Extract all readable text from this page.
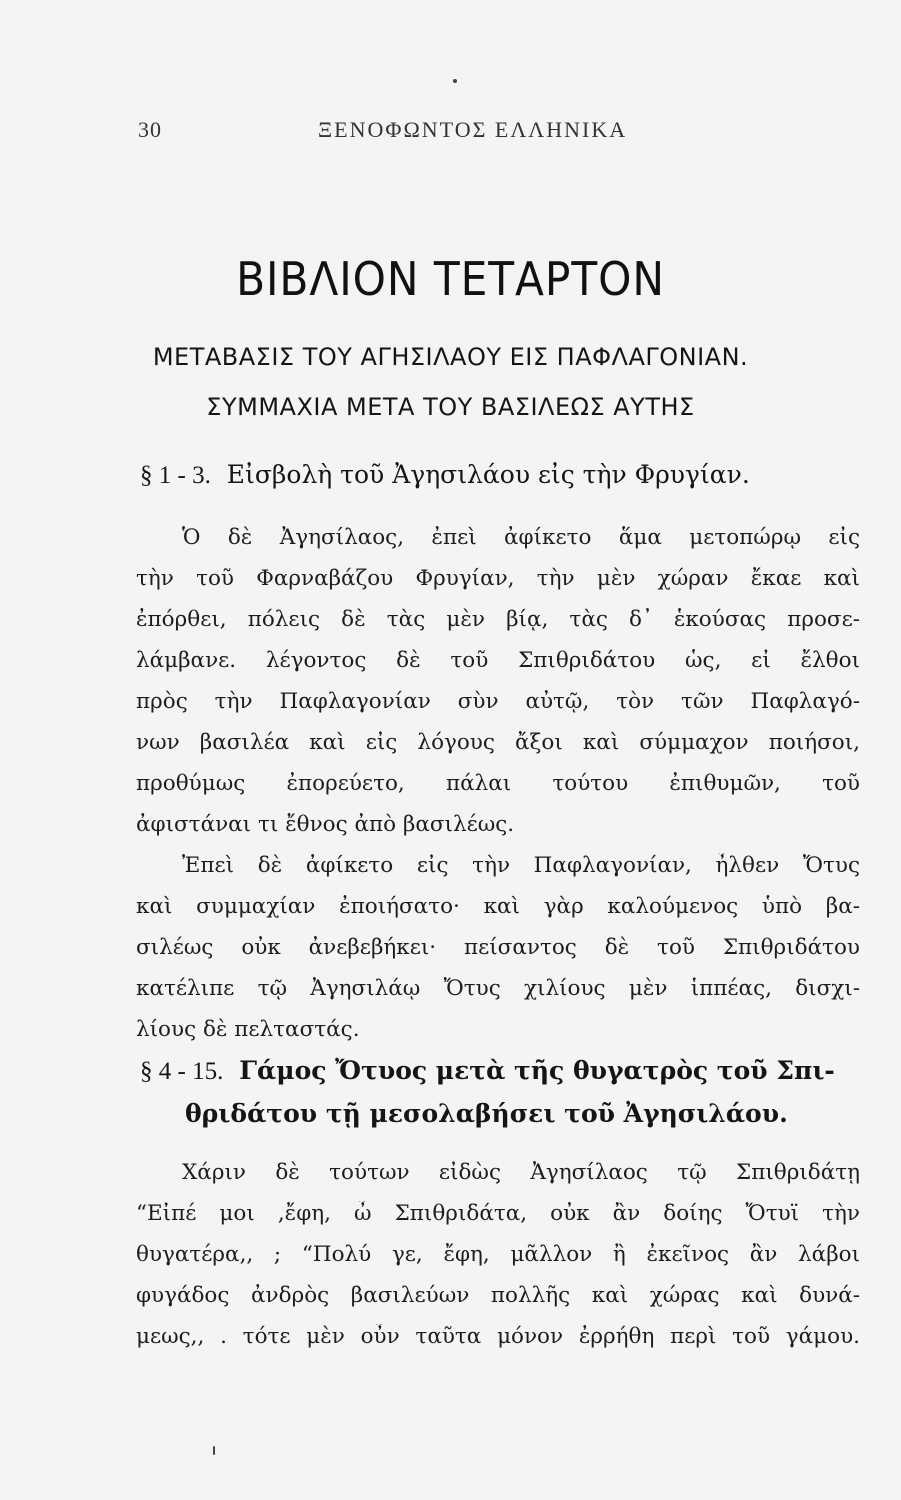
30	ΞΕΝΟΦΩΝΤΟΣ ΕΛΛΗΝΙΚΑ
ΒΙΒΛΙΟΝ ΤΕΤΑΡΤΟΝ
ΜΕΤΑΒΑΣΙΣ ΤΟΥ ΑΓΗΣΙΛΑΟΥ ΕΙΣ ΠΑΦΛΑΓΟΝΙΑΝ.
ΣΥΜΜΑΧΙΑ ΜΕΤΑ ΤΟΥ ΒΑΣΙΛΕΩΣ ΑΥΤΗΣ
§ 1 - 3. Εἰσβολὴ τοῦ Ἀγησιλάου εἰς τὴν Φρυγίαν.
Ὁ δὲ Ἀγησίλαος, ἐπεὶ ἀφίκετο ἅμα μετοπώρῳ εἰς
τὴν τοῦ Φαρναβάζου Φρυγίαν, τὴν μὲν χώραν ἔκαε καὶ
ἐπόρθει, πόλεις δὲ τὰς μὲν βίᾳ, τὰς δ᾽ ἑκούσας προσε-
λάμβανε. λέγοντος δὲ τοῦ Σπιθριδάτου ὡς, εἰ ἔλθοι
πρὸς τὴν Παφλαγονίαν σὺν αὐτῷ, τὸν τῶν Παφλαγό-
νων βασιλέα καὶ εἰς λόγους ἄξοι καὶ σύμμαχον ποιήσοι,
προθύμως ἐπορεύετο, πάλαι τούτου ἐπιθυμῶν, τοῦ
ἀφιστάναι τι ἔθνος ἀπὸ βασιλέως.
Ἐπεὶ δὲ ἀφίκετο εἰς τὴν Παφλαγονίαν, ἦλθεν Ὄτυς
καὶ συμμαχίαν ἐποιήσατο· καὶ γὰρ καλούμενος ὑπὸ βα-
σιλέως οὐκ ἀνεβεβήκει· πείσαντος δὲ τοῦ Σπιθριδάτου
κατέλιπε τῷ Ἀγησιλάῳ Ὄτυς χιλίους μὲν ἱππέας, δισχι-
λίους δὲ πελταστάς.
§ 4 - 15. Γάμος Ὄτυος μετὰ τῆς θυγατρὸς τοῦ Σπι-
θριδάτου τῇ μεσολαβήσει τοῦ Ἀγησιλάου.
Χάριν δὲ τούτων εἰδὼς Ἀγησίλαος τῷ Σπιθριδάτῃ
“Εἰπέ μοι ,ἔφη, ὦ Σπιθριδάτα, οὐκ ἂν δοίης Ὄτυϊ τὴν
θυγατέρα,, ; “Πολύ γε, ἔφη, μᾶλλον ἢ ἐκεῖνος ἂν λάβοι
φυγάδος ἀνδρὸς βασιλεύων πολλῆς καὶ χώρας καὶ δυνά-
μεως,, . τότε μὲν οὖν ταῦτα μόνον ἐρρήθη περὶ τοῦ γάμου.
